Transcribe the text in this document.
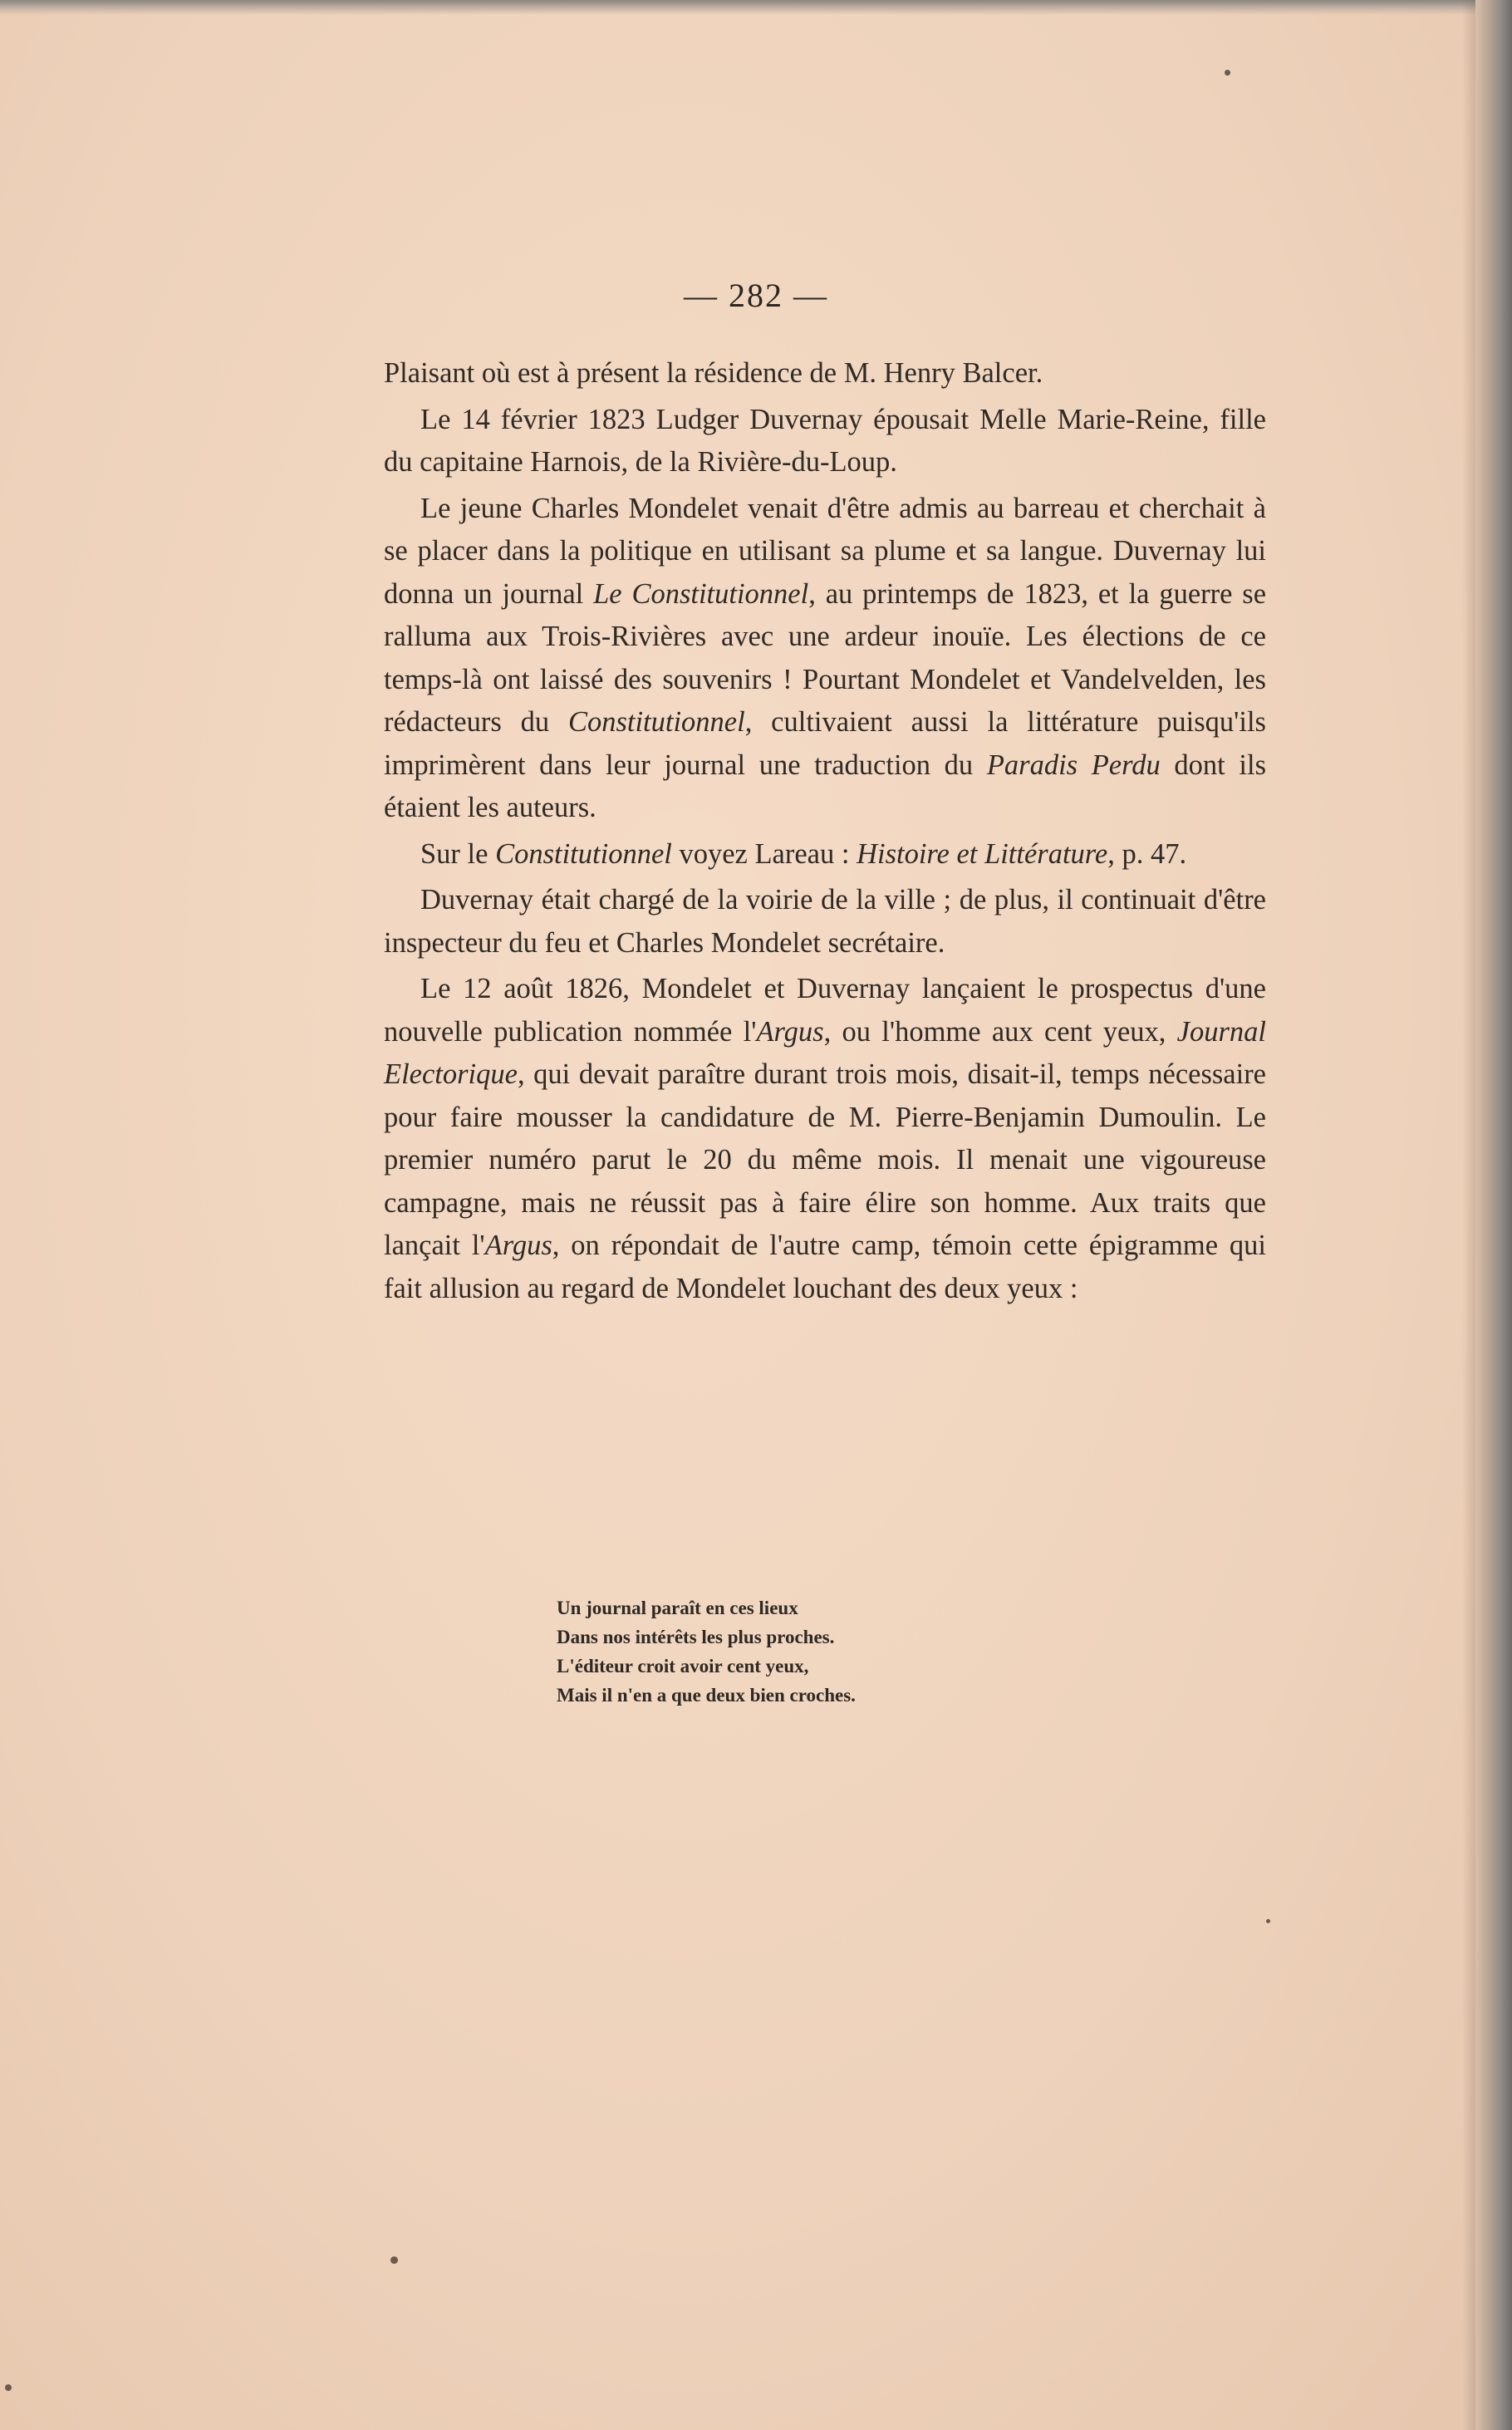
— 282 —

Plaisant où est à présent la résidence de M. Henry Balcer.

Le 14 février 1823 Ludger Duvernay épousait Melle Marie-Reine, fille du capitaine Harnois, de la Rivière-du-Loup.

Le jeune Charles Mondelet venait d'être admis au barreau et cherchait à se placer dans la politique en utilisant sa plume et sa langue. Duvernay lui donna un journal Le Constitutionnel, au printemps de 1823, et la guerre se ralluma aux Trois-Rivières avec une ardeur inouïe. Les élections de ce temps-là ont laissé des souvenirs ! Pourtant Mondelet et Vandelvelden, les rédacteurs du Constitutionnel, cultivaient aussi la littérature puisqu'ils imprimèrent dans leur journal une traduction du Paradis Perdu dont ils étaient les auteurs.

Sur le Constitutionnel voyez Lareau : Histoire et Littérature, p. 47.

Duvernay était chargé de la voirie de la ville ; de plus, il continuait d'être inspecteur du feu et Charles Mondelet secrétaire.

Le 12 août 1826, Mondelet et Duvernay lançaient le prospectus d'une nouvelle publication nommée l'Argus, ou l'homme aux cent yeux, Journal Electorique, qui devait paraître durant trois mois, disait-il, temps nécessaire pour faire mousser la candidature de M. Pierre-Benjamin Dumoulin. Le premier numéro parut le 20 du même mois. Il menait une vigoureuse campagne, mais ne réussit pas à faire élire son homme. Aux traits que lançait l'Argus, on répondait de l'autre camp, témoin cette épigramme qui fait allusion au regard de Mondelet louchant des deux yeux :

Un journal paraît en ces lieux
Dans nos intérêts les plus proches.
L'éditeur croit avoir cent yeux,
Mais il n'en a que deux bien croches.
